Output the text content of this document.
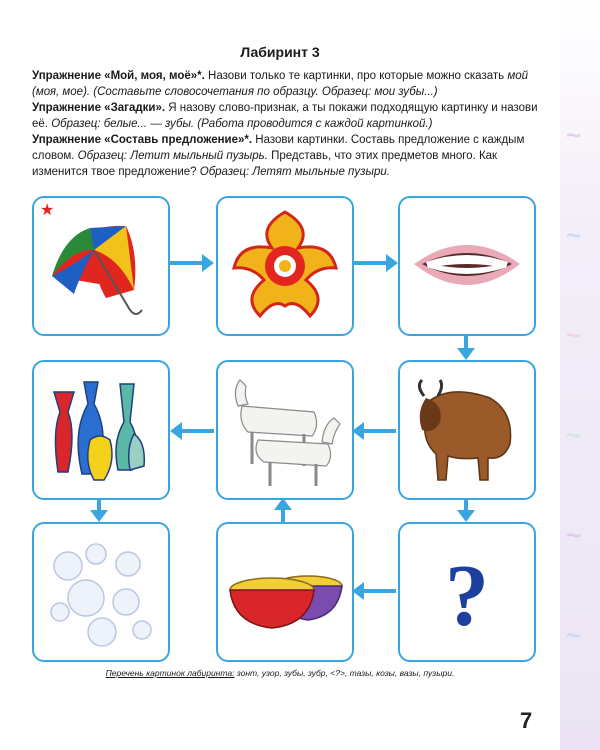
Лабиринт 3

Упражнение «Мой, моя, моё»*. Назови только те картинки, про которые можно сказать мой (моя, мое). (Составьте словосочетания по образцу. Образец: мои зубы...)

Упражнение «Загадки». Я назову слово-признак, а ты покажи подходящую картинку и назови её. Образец: белые... — зубы. (Работа проводится с каждой картинкой.)

Упражнение «Составь предложение»*. Назови картинки. Составь предложение с каждым словом. Образец: Летит мыльный пузырь. Представь, что этих предметов много. Как изменится твое предложение? Образец: Летят мыльные пузыри.

★
?
Перечень картинок лабиринта: зонт, узор, зубы, зубр, <?>, тазы, козы, вазы, пузыри.
7
~
~
~
~
~
~
